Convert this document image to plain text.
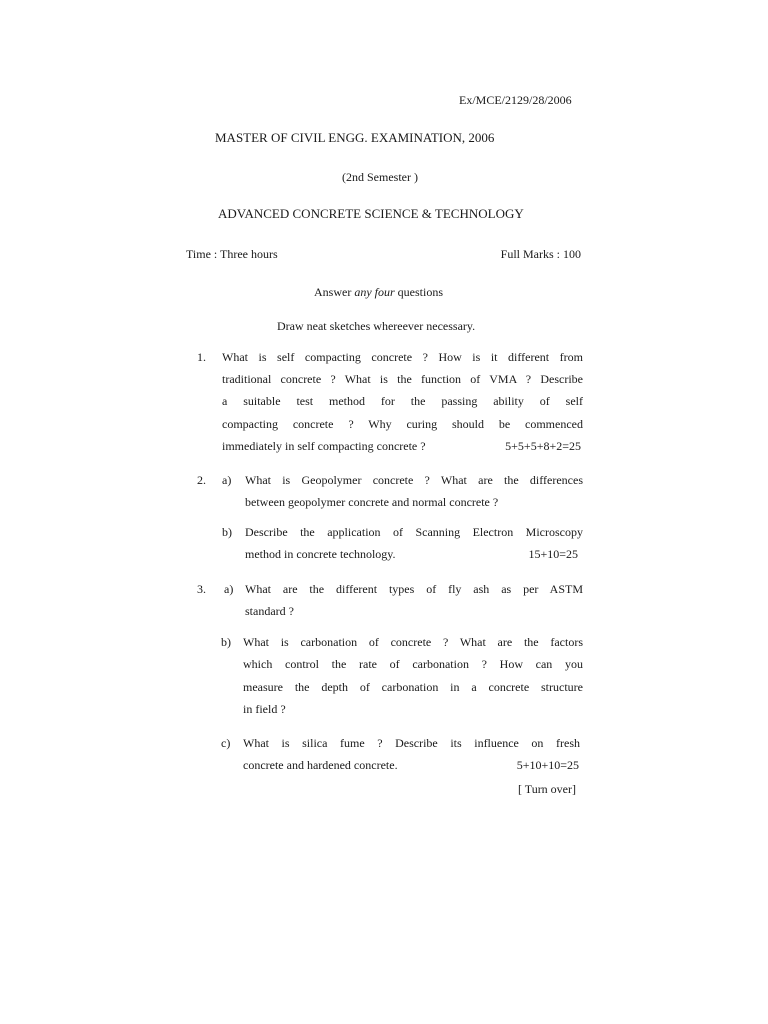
Ex/MCE/2129/28/2006
MASTER OF CIVIL ENGG. EXAMINATION, 2006
(2nd Semester )
ADVANCED CONCRETE SCIENCE & TECHNOLOGY
Time : Three hours	Full Marks : 100
Answer any four questions
Draw neat sketches whereever necessary.
1. What is self compacting concrete ? How is it different from
traditional concrete ? What is the function of VMA ? Describe
a suitable test method for the passing ability of self
compacting concrete ? Why curing should be commenced
immediately in self compacting concrete ?	5+5+5+8+2=25
2. a) What is Geopolymer concrete ? What are the differences
between geopolymer concrete and normal concrete ?
b) Describe the application of Scanning Electron Microscopy
method in concrete technology.	15+10=25
3. a) What are the different types of fly ash as per ASTM
standard ?
b) What is carbonation of concrete ? What are the factors
which control the rate of carbonation ? How can you
measure the depth of carbonation in a concrete structure
in field ?
c) What is silica fume ? Describe its influence on fresh
concrete and hardened concrete.	5+10+10=25
[ Turn over]
